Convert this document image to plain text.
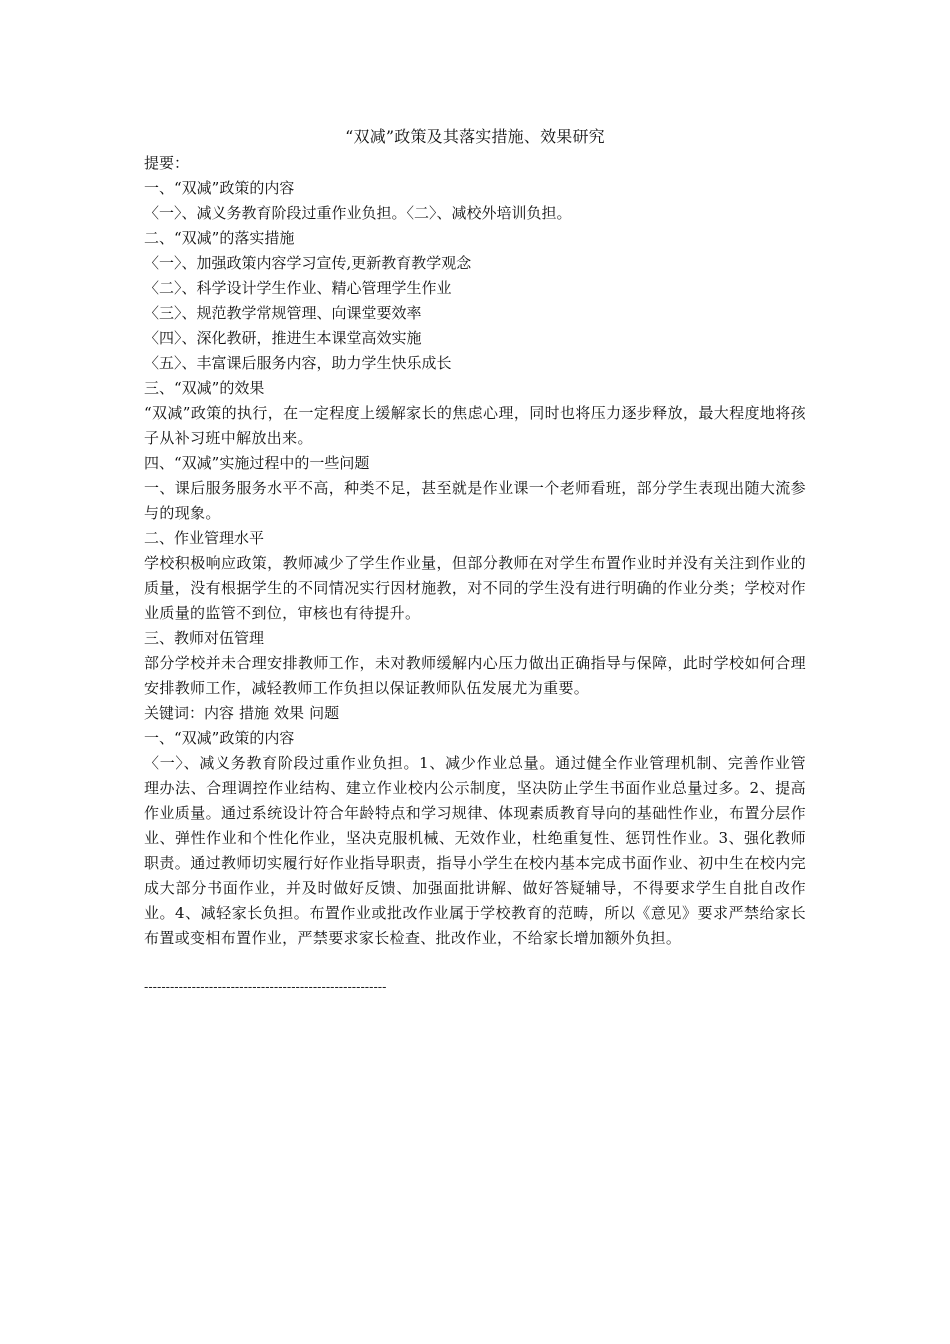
“双减”政策及其落实措施、效果研究
提要：
一、“双减”政策的内容
〈一〉、减义务教育阶段过重作业负担。〈二〉、减校外培训负担。
二、“双减”的落实措施
〈一〉、加强政策内容学习宣传,更新教育教学观念
〈二〉、科学设计学生作业、精心管理学生作业
〈三〉、规范教学常规管理、向课堂要效率
〈四〉、深化教研，推进生本课堂高效实施
〈五〉、丰富课后服务内容，助力学生快乐成长
三、“双减”的效果
“双减”政策的执行，在一定程度上缓解家长的焦虑心理，同时也将压力逐步释放，最大程度地将孩子从补习班中解放出来。
四、“双减”实施过程中的一些问题
一、课后服务服务水平不高，种类不足，甚至就是作业课一个老师看班，部分学生表现出随大流参与的现象。
二、作业管理水平
学校积极响应政策，教师减少了学生作业量，但部分教师在对学生布置作业时并没有关注到作业的质量，没有根据学生的不同情况实行因材施教，对不同的学生没有进行明确的作业分类；学校对作业质量的监管不到位，审核也有待提升。
三、教师对伍管理
部分学校并未合理安排教师工作，未对教师缓解内心压力做出正确指导与保障，此时学校如何合理安排教师工作，减轻教师工作负担以保证教师队伍发展尤为重要。
关键词：内容 措施 效果 问题
一、“双减”政策的内容
〈一〉、减义务教育阶段过重作业负担。1、减少作业总量。通过健全作业管理机制、完善作业管理办法、合理调控作业结构、建立作业校内公示制度，坚决防止学生书面作业总量过多。2、提高作业质量。通过系统设计符合年龄特点和学习规律、体现素质教育导向的基础性作业，布置分层作业、弹性作业和个性化作业，坚决克服机械、无效作业，杜绝重复性、惩罚性作业。3、强化教师职责。通过教师切实履行好作业指导职责，指导小学生在校内基本完成书面作业、初中生在校内完成大部分书面作业，并及时做好反馈、加强面批讲解、做好答疑辅导，不得要求学生自批自改作业。4、减轻家长负担。布置作业或批改作业属于学校教育的范畴，所以《意见》要求严禁给家长布置或变相布置作业，严禁要求家长检查、批改作业，不给家长增加额外负担。
--------------------------------------------------------
